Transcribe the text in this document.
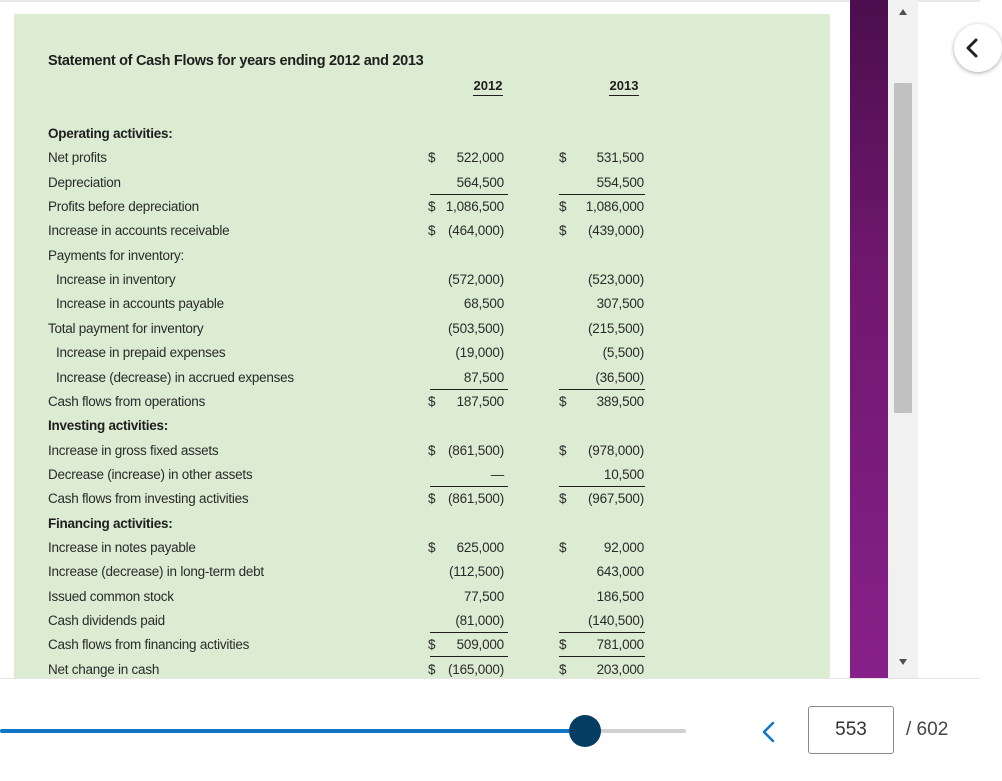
Statement of Cash Flows for years ending 2012 and 2013
2012	2013
Operating activities:
Net profits	$	522,000	$	531,500
Depreciation	564,500	554,500
Profits before depreciation	$ 1,086,500	$	1,086,000
Increase in accounts receivable	$ (464,000)	$	(439,000)
Payments for inventory:
Increase in inventory	(572,000)	(523,000)
Increase in accounts payable	68,500	307,500
Total payment for inventory	(503,500)	(215,500)
Increase in prepaid expenses	(19,000)	(5,500)
Increase (decrease) in accrued expenses	87,500	(36,500)
Cash flows from operations	$	187,500	$	389,500
Investing activities:
Increase in gross fixed assets	$ (861,500)	$	(978,000)
Decrease (increase) in other assets	—	10,500
Cash flows from investing activities	$ (861,500)	$	(967,500)
Financing activities:
Increase in notes payable	$	625,000	$	92,000
Increase (decrease) in long-term debt	(112,500)	643,000
Issued common stock	77,500	186,500
Cash dividends paid	(81,000)	(140,500)
Cash flows from financing activities	$	509,000	$	781,000
Net change in cash	$ (165,000)	$	203,000
553
/ 602
